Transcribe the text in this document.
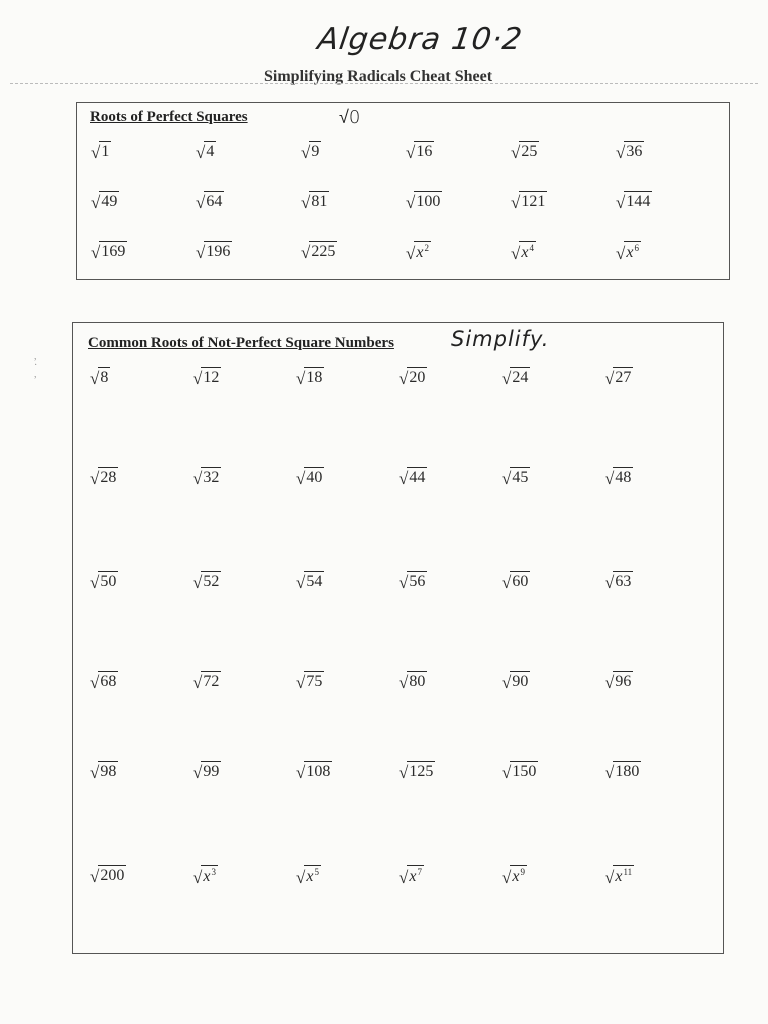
Algebra 10·2
Simplifying Radicals Cheat Sheet
,
·
,
Roots of Perfect Squares	√0
√ 1	√ 4	√ 9	√ 16	√ 25	√ 36
√ 49	√ 64	√ 81	√ 100	√ 121	√ 144
√ 169	√ 196	√ 225	√ $x^2$	√ $x^4$	√ $x^6$
Common Roots of Not-Perfect Square Numbers	Simplify.
√ 8	√ 12	√ 18	√ 20	√ 24	√ 27
√ 28	√ 32	√ 40	√ 44	√ 45	√ 48
√ 50	√ 52	√ 54	√ 56	√ 60	√ 63
√ 68	√ 72	√ 75	√ 80	√ 90	√ 96
√ 98	√ 99	√ 108	√ 125	√ 150	√ 180
√ 200	√ $x^3$	√ $x^5$	√ $x^7$	√ $x^9$	√ $x^{11}$
